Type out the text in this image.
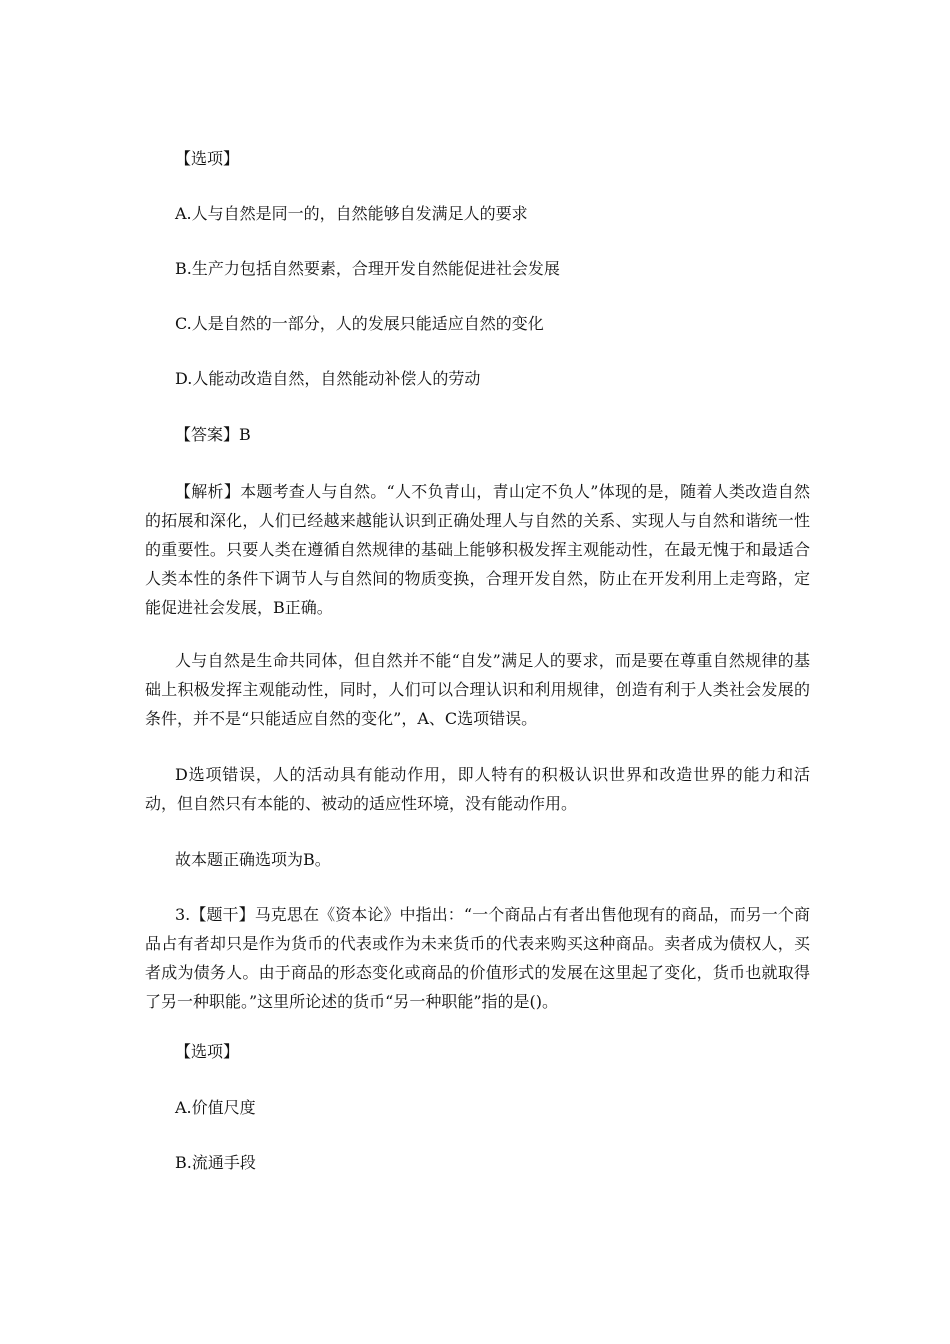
【选项】
A.人与自然是同一的，自然能够自发满足人的要求
B.生产力包括自然要素，合理开发自然能促进社会发展
C.人是自然的一部分，人的发展只能适应自然的变化
D.人能动改造自然，自然能动补偿人的劳动
【答案】B
【解析】本题考查人与自然。“人不负青山，青山定不负人”体现的是，随着人类改造自然的拓展和深化，人们已经越来越能认识到正确处理人与自然的关系、实现人与自然和谐统一性的重要性。只要人类在遵循自然规律的基础上能够积极发挥主观能动性，在最无愧于和最适合人类本性的条件下调节人与自然间的物质变换，合理开发自然，防止在开发利用上走弯路，定能促进社会发展，B正确。
人与自然是生命共同体，但自然并不能“自发”满足人的要求，而是要在尊重自然规律的基础上积极发挥主观能动性，同时，人们可以合理认识和利用规律，创造有利于人类社会发展的条件，并不是“只能适应自然的变化”，A、C选项错误。
D选项错误，人的活动具有能动作用，即人特有的积极认识世界和改造世界的能力和活动，但自然只有本能的、被动的适应性环境，没有能动作用。
故本题正确选项为B。
3.【题干】马克思在《资本论》中指出：“一个商品占有者出售他现有的商品，而另一个商品占有者却只是作为货币的代表或作为未来货币的代表来购买这种商品。卖者成为债权人，买者成为债务人。由于商品的形态变化或商品的价值形式的发展在这里起了变化，货币也就取得了另一种职能。”这里所论述的货币“另一种职能”指的是()。
【选项】
A.价值尺度
B.流通手段
